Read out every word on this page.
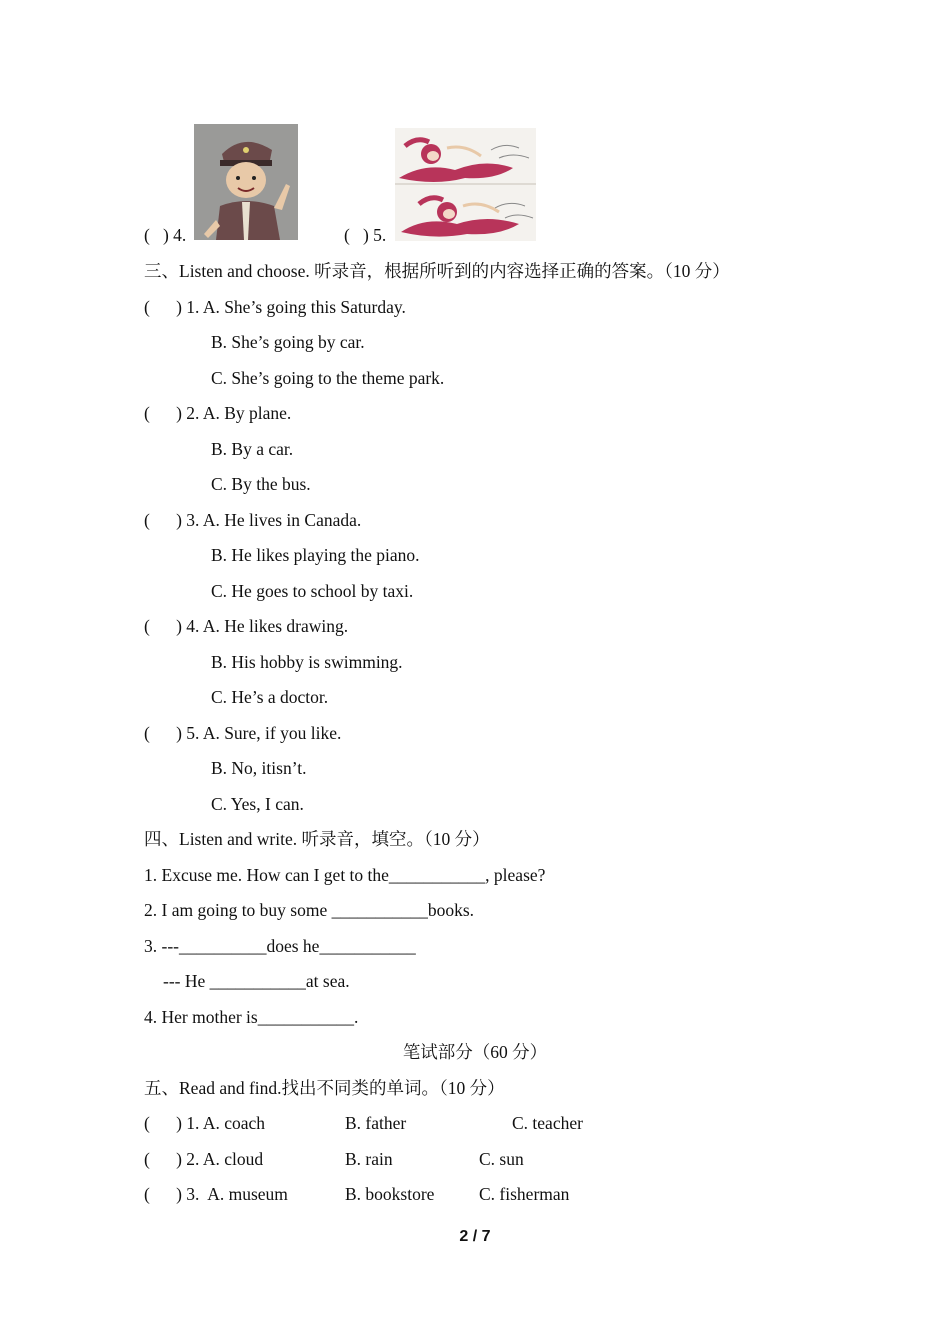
(   ) 4.	(   ) 5.
三、Listen and choose. 听录音，根据所听到的内容选择正确的答案。（10 分）
(      ) 1. A. She’s going this Saturday.
B. She’s going by car.
C. She’s going to the theme park.
(      ) 2. A. By plane.
B. By a car.
C. By the bus.
(      ) 3. A. He lives in Canada.
B. He likes playing the piano.
C. He goes to school by taxi.
(      ) 4. A. He likes drawing.
B. His hobby is swimming.
C. He’s a doctor.
(      ) 5. A. Sure, if you like.
B. No, itisn’t.
C. Yes, I can.
四、Listen and write. 听录音，填空。（10 分）
1. Excuse me. How can I get to the___________, please?
2. I am going to buy some ___________books.
3. ---__________does he___________
--- He ___________at sea.
4. Her mother is___________.
笔试部分（60 分）
五、Read and find.找出不同类的单词。（10 分）
(      ) 1. A. coach	B. father	C. teacher
(      ) 2. A. cloud	B. rain	C. sun
(      ) 3.  A. museum	B. bookstore	C. fisherman
2 / 7
